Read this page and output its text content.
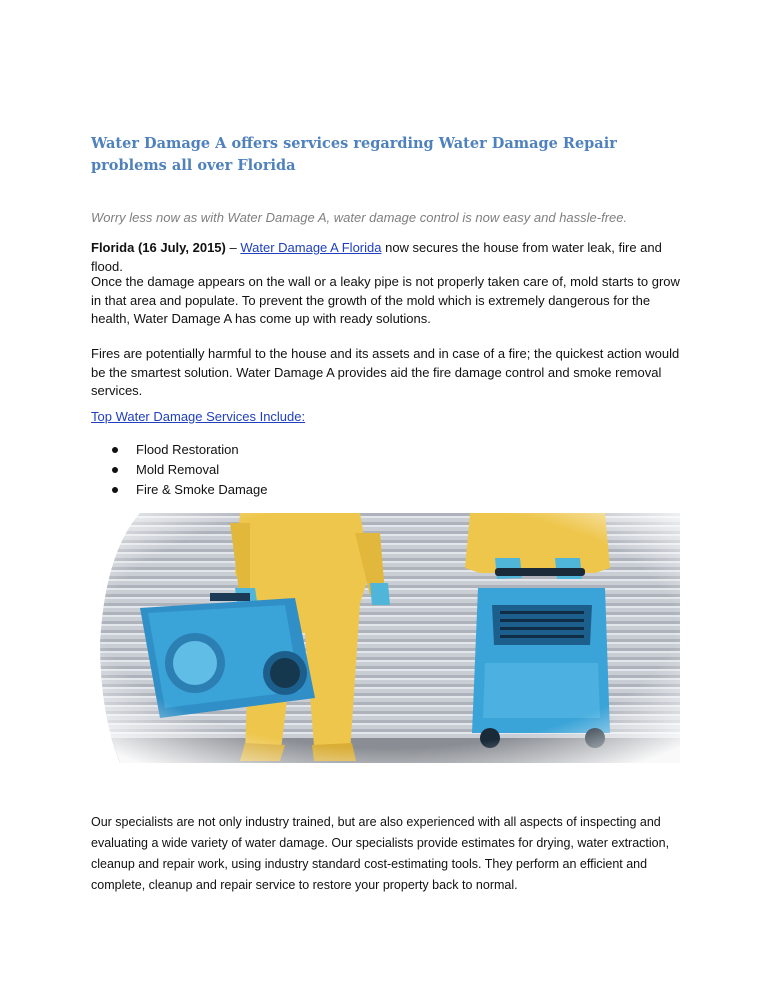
Water Damage A offers services regarding Water Damage Repair problems all over Florida

Worry less now as with Water Damage A, water damage control is now easy and hassle-free.

Florida (16 July, 2015) – Water Damage A Florida now secures the house from water leak, fire and flood.

Once the damage appears on the wall or a leaky pipe is not properly taken care of, mold starts to grow in that area and populate. To prevent the growth of the mold which is extremely dangerous for the health, Water Damage A has come up with ready solutions.

Fires are potentially harmful to the house and its assets and in case of a fire; the quickest action would be the smartest solution. Water Damage A provides aid the fire damage control and smoke removal services.

Top Water Damage Services Include:
Flood Restoration
Mold Removal
Fire & Smoke Damage

Our specialists are not only industry trained, but are also experienced with all aspects of inspecting and evaluating a wide variety of water damage. Our specialists provide estimates for drying, water extraction, cleanup and repair work, using industry standard cost-estimating tools. They perform an efficient and complete, cleanup and repair service to restore your property back to normal.
